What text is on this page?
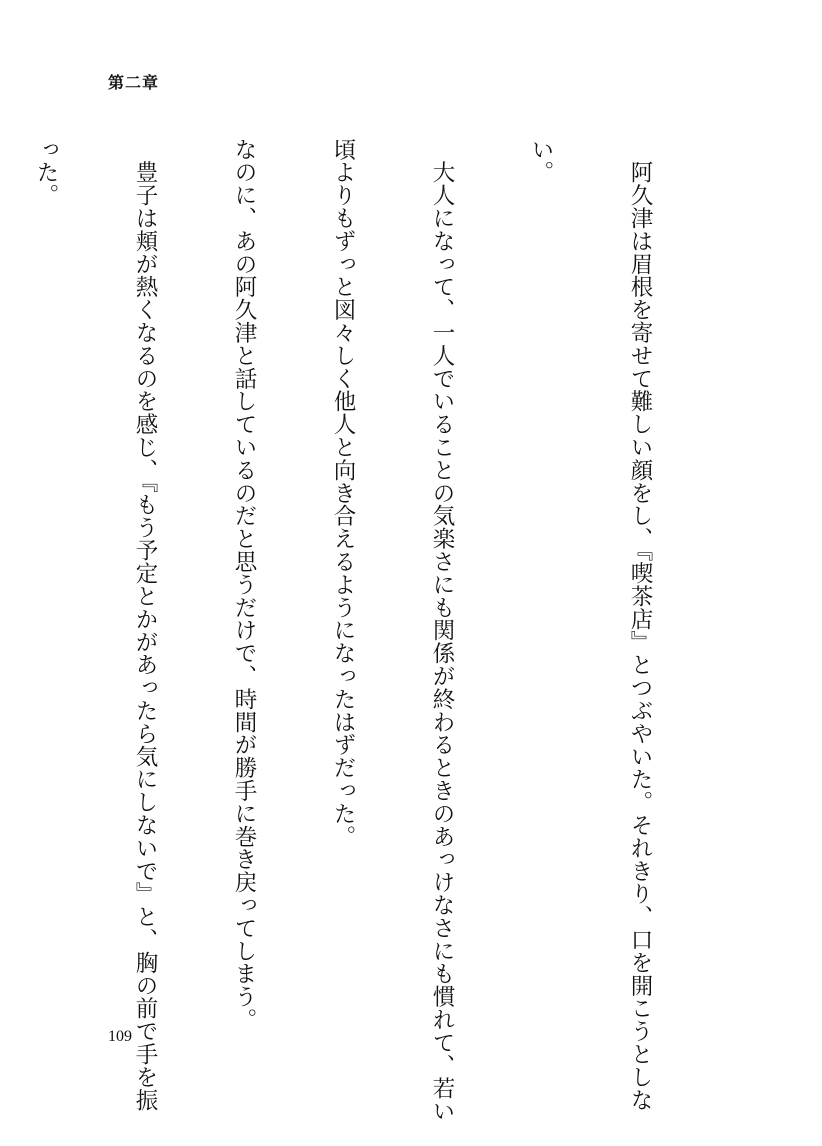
第二章

　阿久津は眉根を寄せて難しい顔をし、『喫茶店』とつぶやいた。それきり、口を開こうとしな

い。

　大人になって、一人でいることの気楽さにも関係が終わるときのあっけなさにも慣れて、若い

頃よりもずっと図々しく他人と向き合えるようになったはずだった。

なのに、あの阿久津と話しているのだと思うだけで、時間が勝手に巻き戻ってしまう。

　豊子は頬が熱くなるのを感じ、『もう予定とかがあったら気にしないで』と、胸の前で手を振

った。

109
